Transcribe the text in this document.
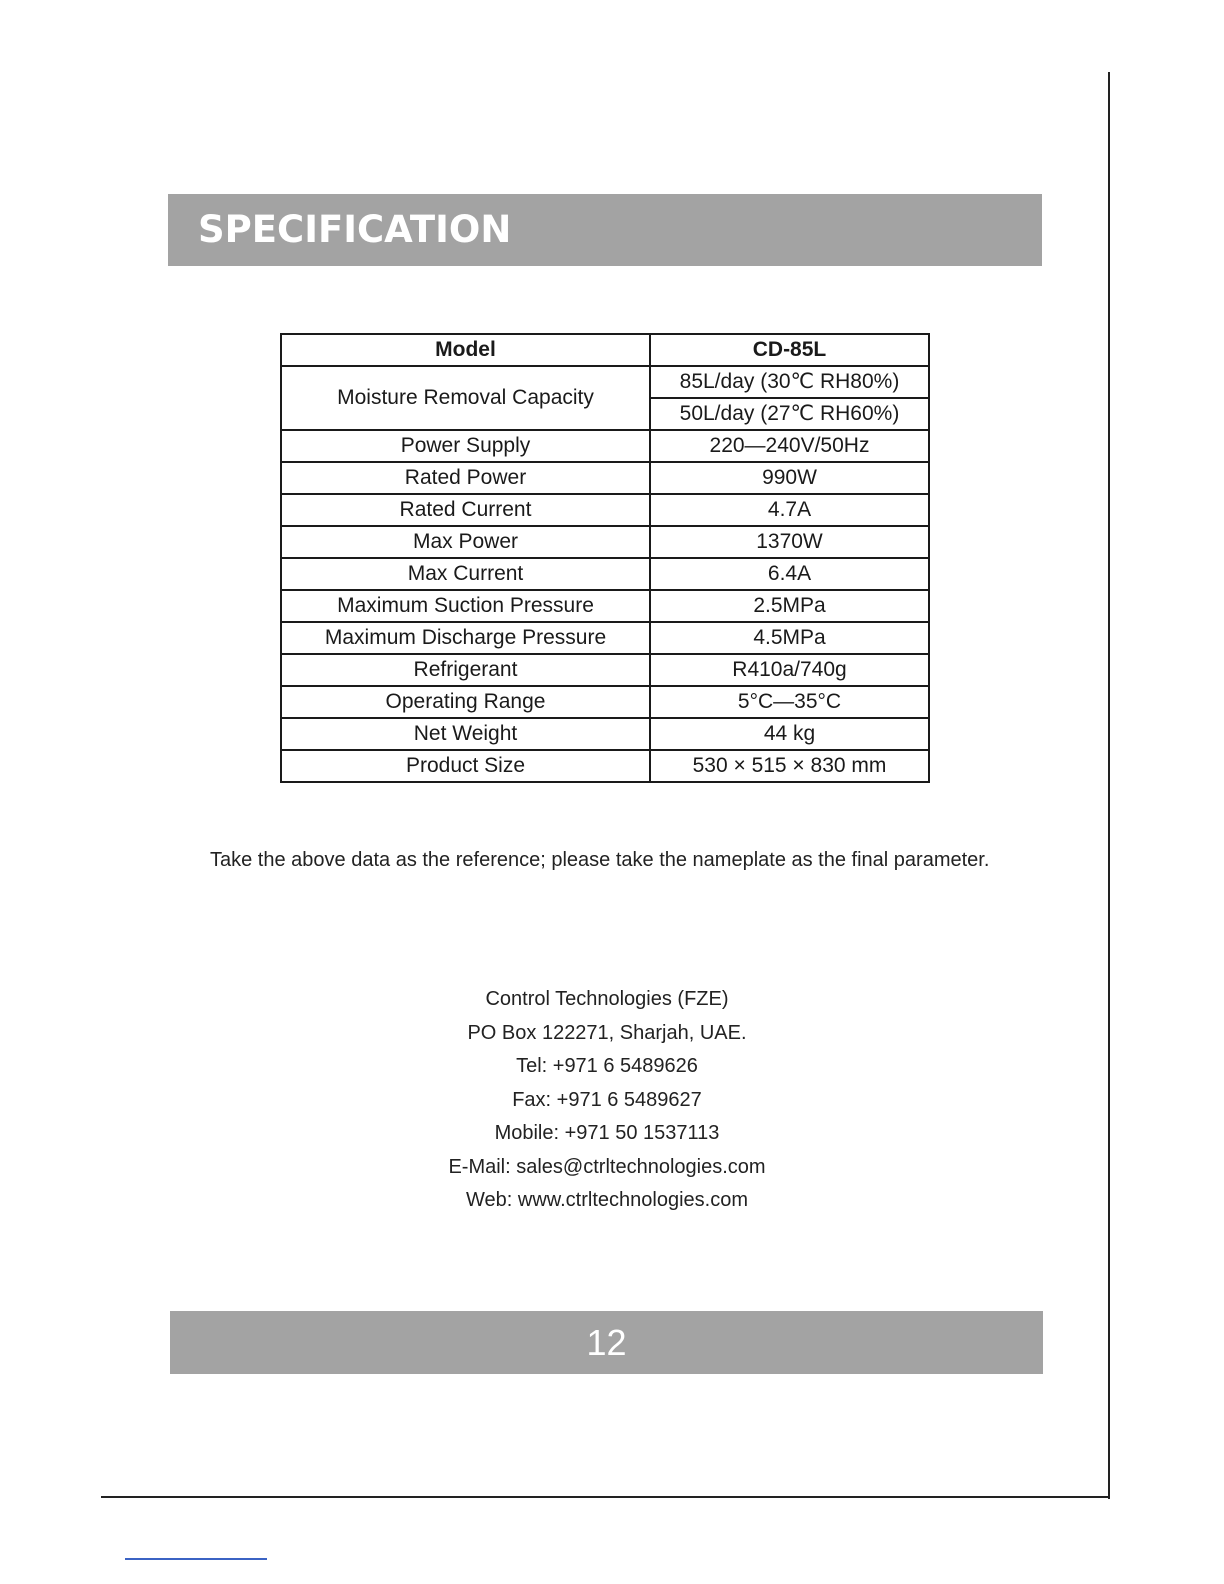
SPECIFICATION
Model	CD-85L
Moisture Removal Capacity	85L/day (30℃ RH80%)
	50L/day (27℃ RH60%)
Power Supply	220—240V/50Hz
Rated Power	990W
Rated Current	4.7A
Max Power	1370W
Max Current	6.4A
Maximum Suction Pressure	2.5MPa
Maximum Discharge Pressure	4.5MPa
Refrigerant	R410a/740g
Operating Range	5°C—35°C
Net Weight	44 kg
Product Size	530 × 515 × 830 mm
Take the above data as the reference; please take the nameplate as the final parameter.
Control Technologies (FZE)
PO Box 122271, Sharjah, UAE.
Tel: +971 6 5489626
Fax: +971 6 5489627
Mobile: +971 50 1537113
E-Mail: sales@ctrltechnologies.com
Web: www.ctrltechnologies.com
12
